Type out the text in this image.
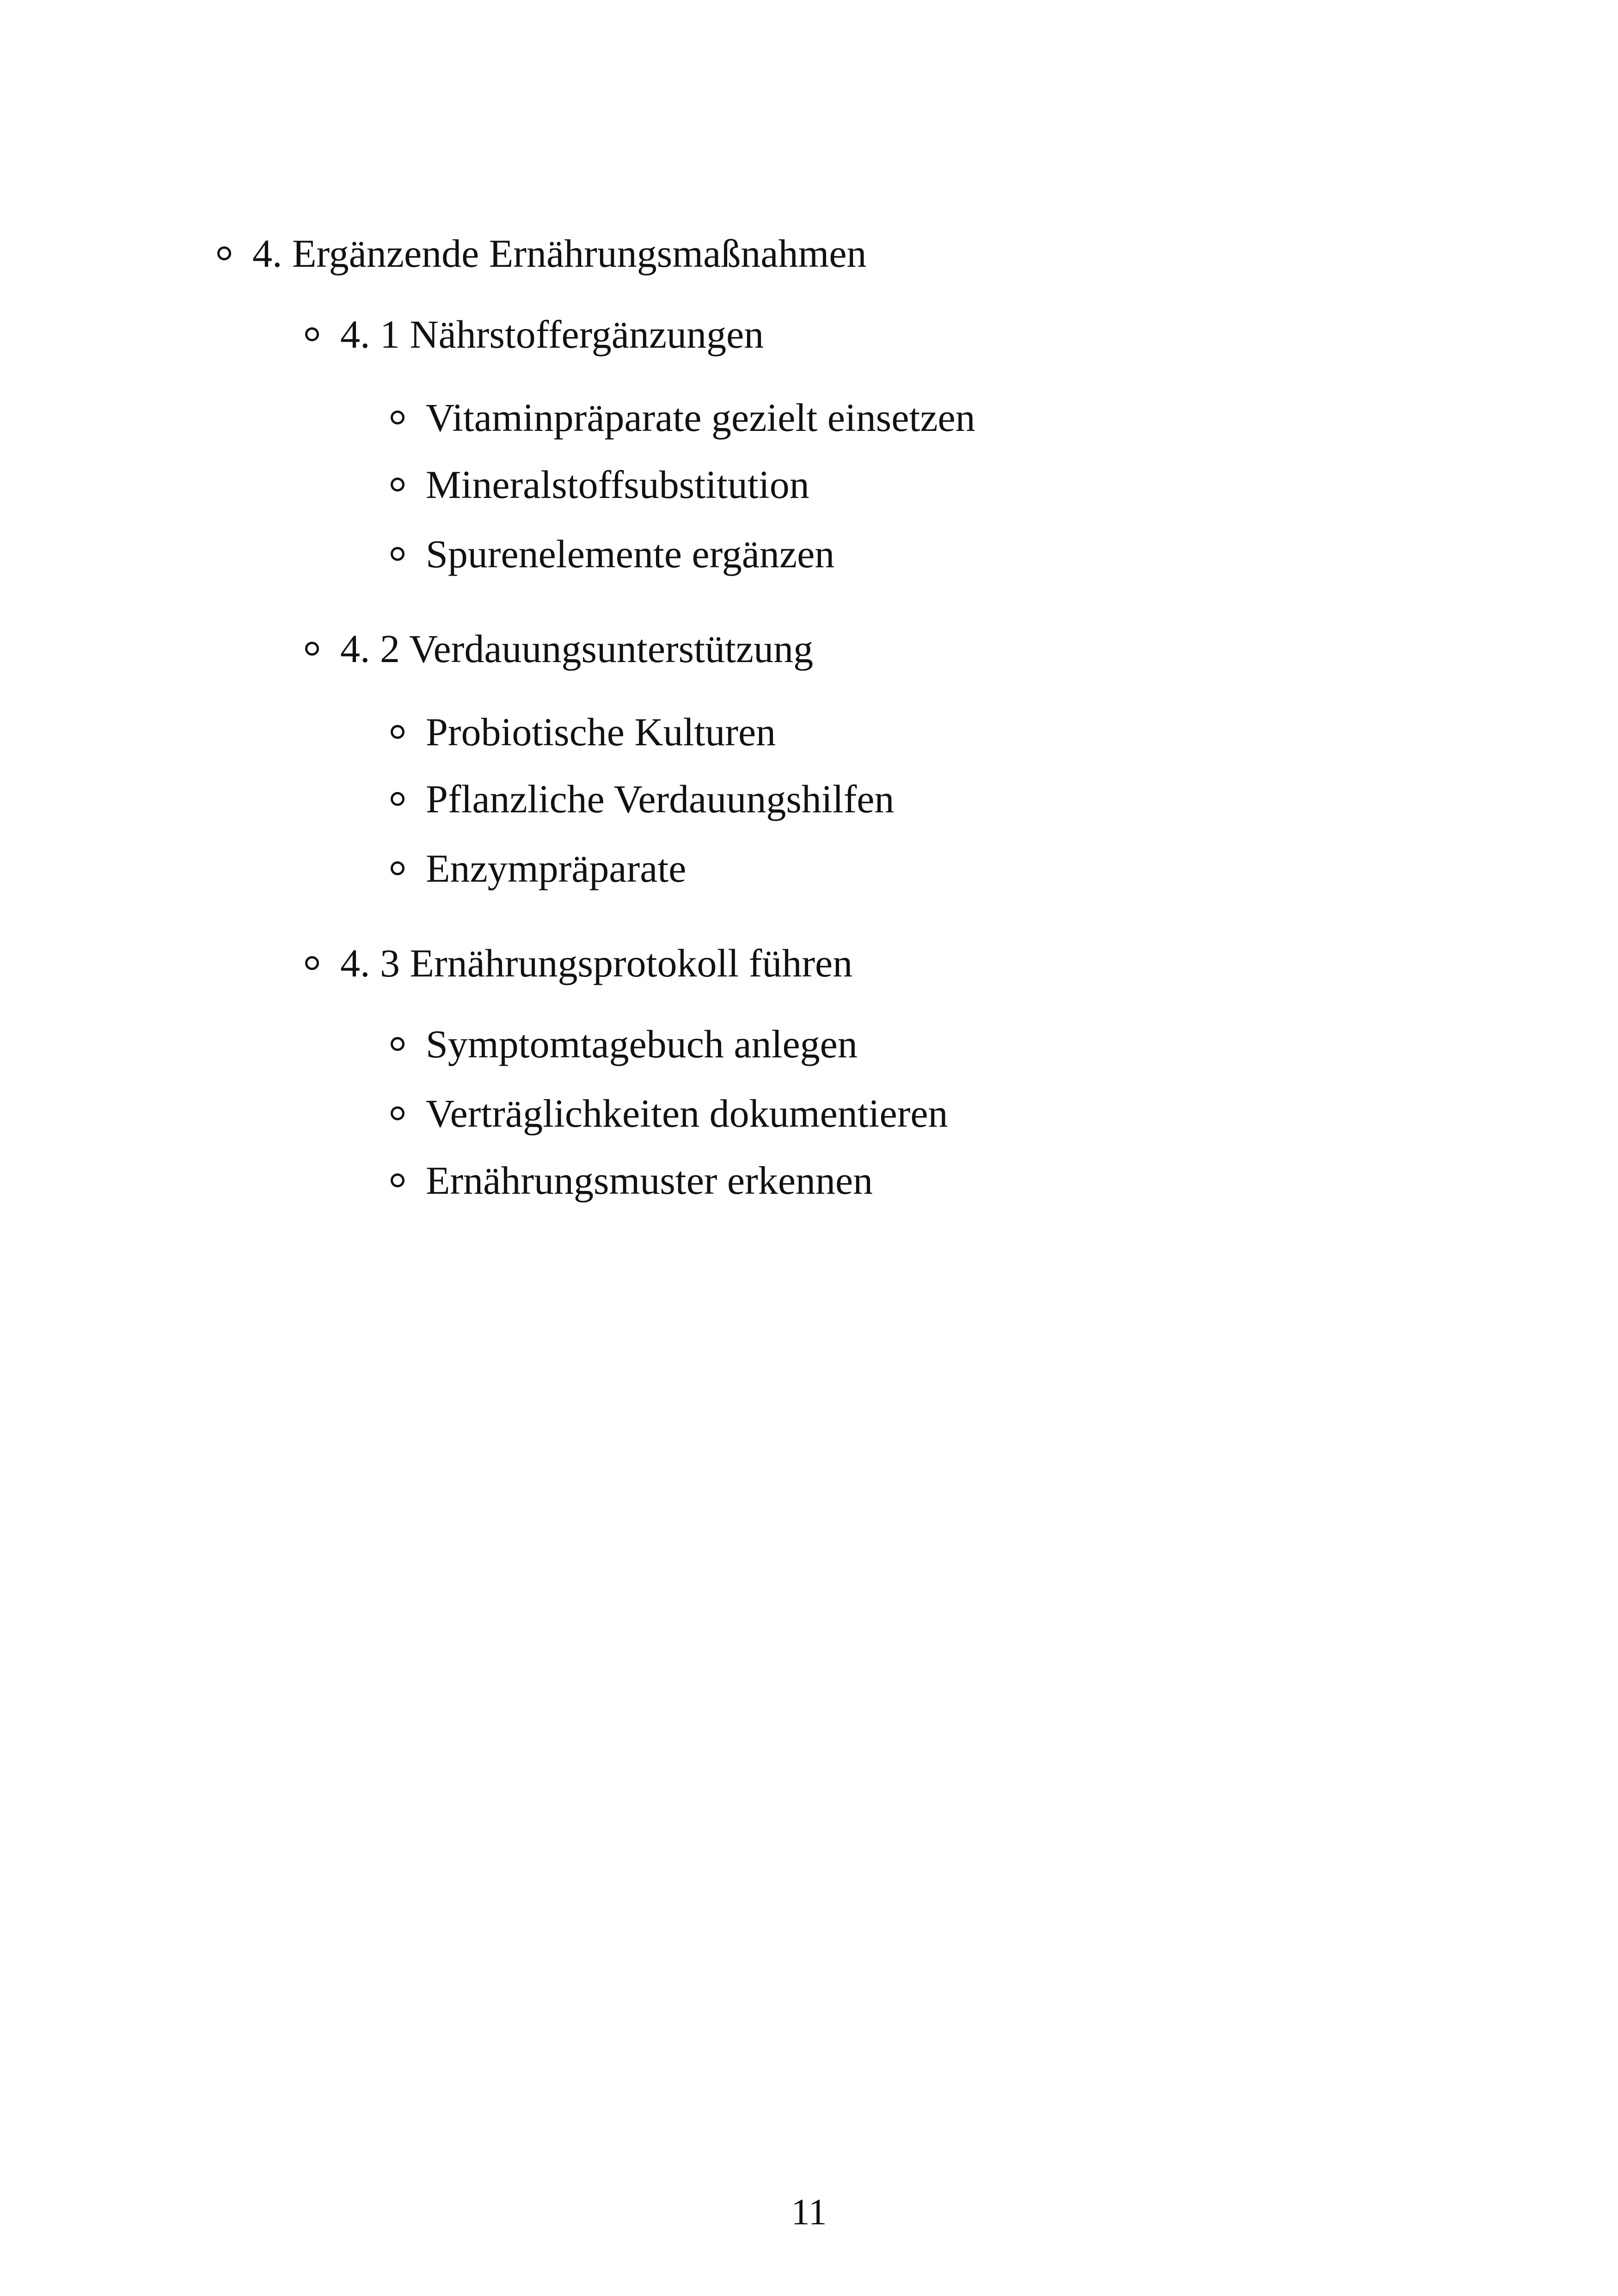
4. Ergänzende Ernährungsmaßnahmen
4. 1 Nährstoffergänzungen
Vitaminpräparate gezielt einsetzen
Mineralstoffsubstitution
Spurenelemente ergänzen
4. 2 Verdauungsunterstützung
Probiotische Kulturen
Pflanzliche Verdauungshilfen
Enzympräparate
4. 3 Ernährungsprotokoll führen
Symptomtagebuch anlegen
Verträglichkeiten dokumentieren
Ernährungsmuster erkennen
11
